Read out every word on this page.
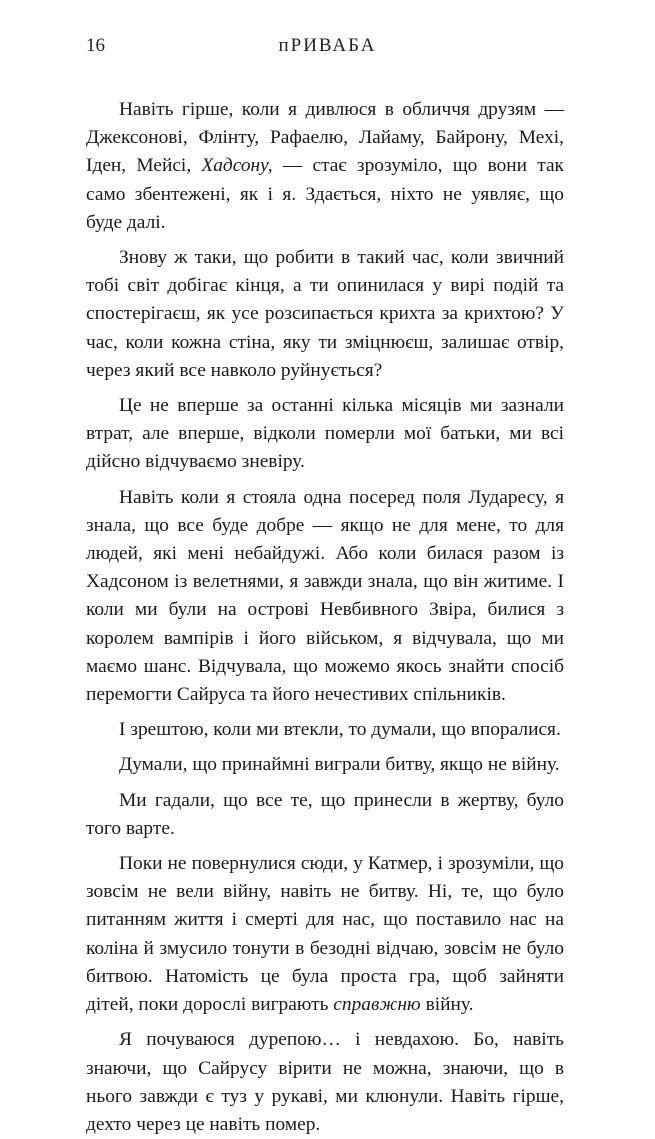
16	пРИВАБА

Навіть гірше, коли я дивлюся в обличчя друзям — Джексонові, Флінту, Рафаелю, Лайаму, Байрону, Мехі, Іден, Мейсі, Хадсону, — стає зрозуміло, що вони так само збентежені, як і я. Здається, ніхто не уявляє, що буде далі.

Знову ж таки, що робити в такий час, коли звичний тобі світ добігає кінця, а ти опинилася у вирі подій та спостерігаєш, як усе розсипається крихта за крихтою? У час, коли кожна стіна, яку ти зміцнюєш, залишає отвір, через який все навколо руйнується?

Це не вперше за останні кілька місяців ми зазнали втрат, але вперше, відколи померли мої батьки, ми всі дійсно відчуваємо зневіру.

Навіть коли я стояла одна посеред поля Лударесу, я знала, що все буде добре — якщо не для мене, то для людей, які мені небайдужі. Або коли билася разом із Хадсоном із велетнями, я завжди знала, що він житиме. І коли ми були на острові Невбивного Звіра, билися з королем вампірів і його військом, я відчувала, що ми маємо шанс. Відчувала, що можемо якось знайти спосіб перемогти Сайруса та його нечестивих спільників.

І зрештою, коли ми втекли, то думали, що впоралися.

Думали, що принаймні виграли битву, якщо не війну.

Ми гадали, що все те, що принесли в жертву, було того варте.

Поки не повернулися сюди, у Катмер, і зрозуміли, що зовсім не вели війну, навіть не битву. Ні, те, що було питанням життя і смерті для нас, що поставило нас на коліна й змусило тонути в безодні відчаю, зовсім не було битвою. Натомість це була проста гра, щоб зайняти дітей, поки дорослі виграють справжню війну.

Я почуваюся дурепою… і невдахою. Бо, навіть знаючи, що Сайрусу вірити не можна, знаючи, що в нього завжди є туз у рукаві, ми клюнули. Навіть гірше, дехто через це навіть помер.
